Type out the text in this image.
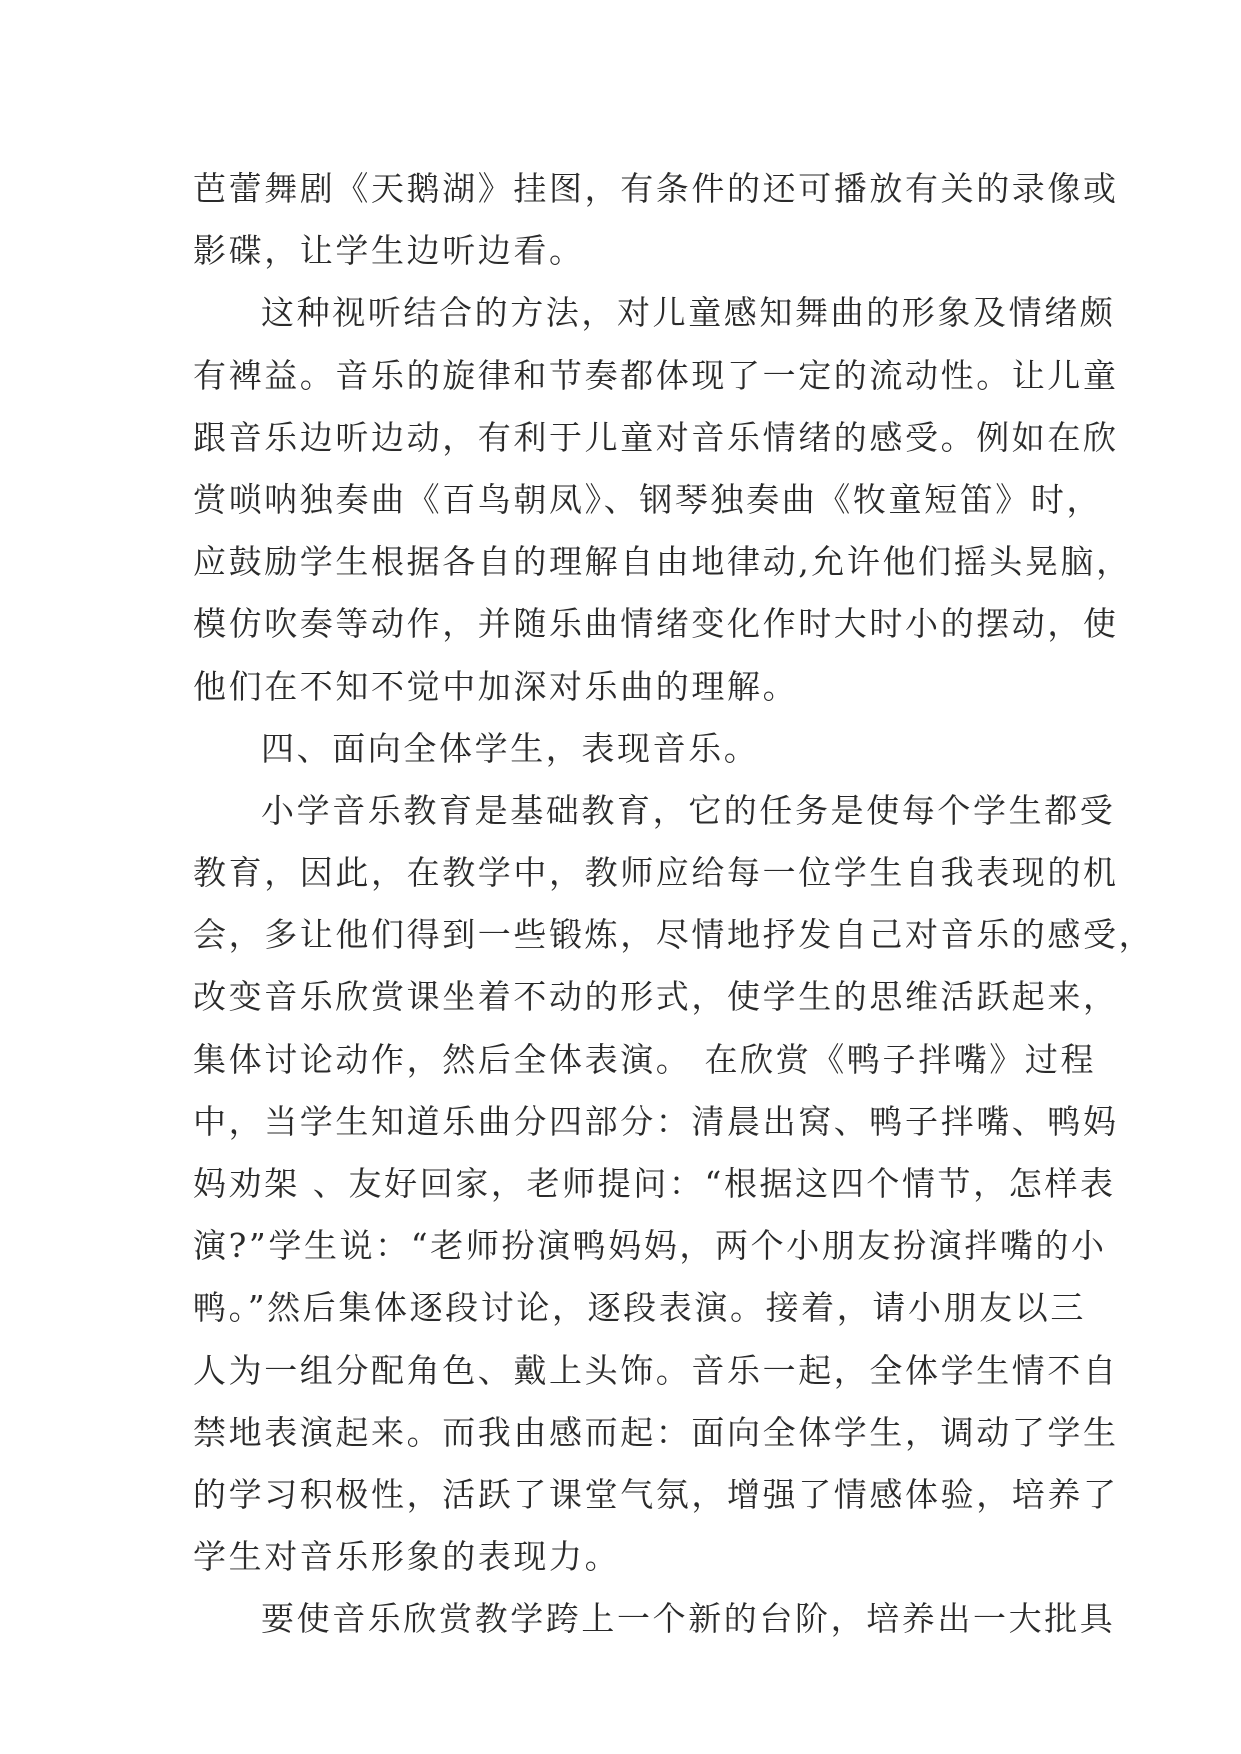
芭蕾舞剧《天鹅湖》挂图，有条件的还可播放有关的录像或
影碟，让学生边听边看。
这种视听结合的方法，对儿童感知舞曲的形象及情绪颇
有裨益。音乐的旋律和节奏都体现了一定的流动性。让儿童
跟音乐边听边动，有利于儿童对音乐情绪的感受。例如在欣
赏唢呐独奏曲《百鸟朝凤》、钢琴独奏曲《牧童短笛》时，
应鼓励学生根据各自的理解自由地律动,允许他们摇头晃脑，
模仿吹奏等动作，并随乐曲情绪变化作时大时小的摆动，使
他们在不知不觉中加深对乐曲的理解。
四、面向全体学生，表现音乐。
小学音乐教育是基础教育，它的任务是使每个学生都受
教育，因此，在教学中，教师应给每一位学生自我表现的机
会，多让他们得到一些锻炼，尽情地抒发自己对音乐的感受，
改变音乐欣赏课坐着不动的形式，使学生的思维活跃起来，
集体讨论动作，然后全体表演。 在欣赏《鸭子拌嘴》过程
中，当学生知道乐曲分四部分：清晨出窝、鸭子拌嘴、鸭妈
妈劝架 、友好回家，老师提问：“根据这四个情节，怎样表
演?”学生说：“老师扮演鸭妈妈，两个小朋友扮演拌嘴的小
鸭。”然后集体逐段讨论，逐段表演。接着，请小朋友以三
人为一组分配角色、戴上头饰。音乐一起，全体学生情不自
禁地表演起来。而我由感而起：面向全体学生，调动了学生
的学习积极性，活跃了课堂气氛，增强了情感体验，培养了
学生对音乐形象的表现力。
要使音乐欣赏教学跨上一个新的台阶，培养出一大批具
